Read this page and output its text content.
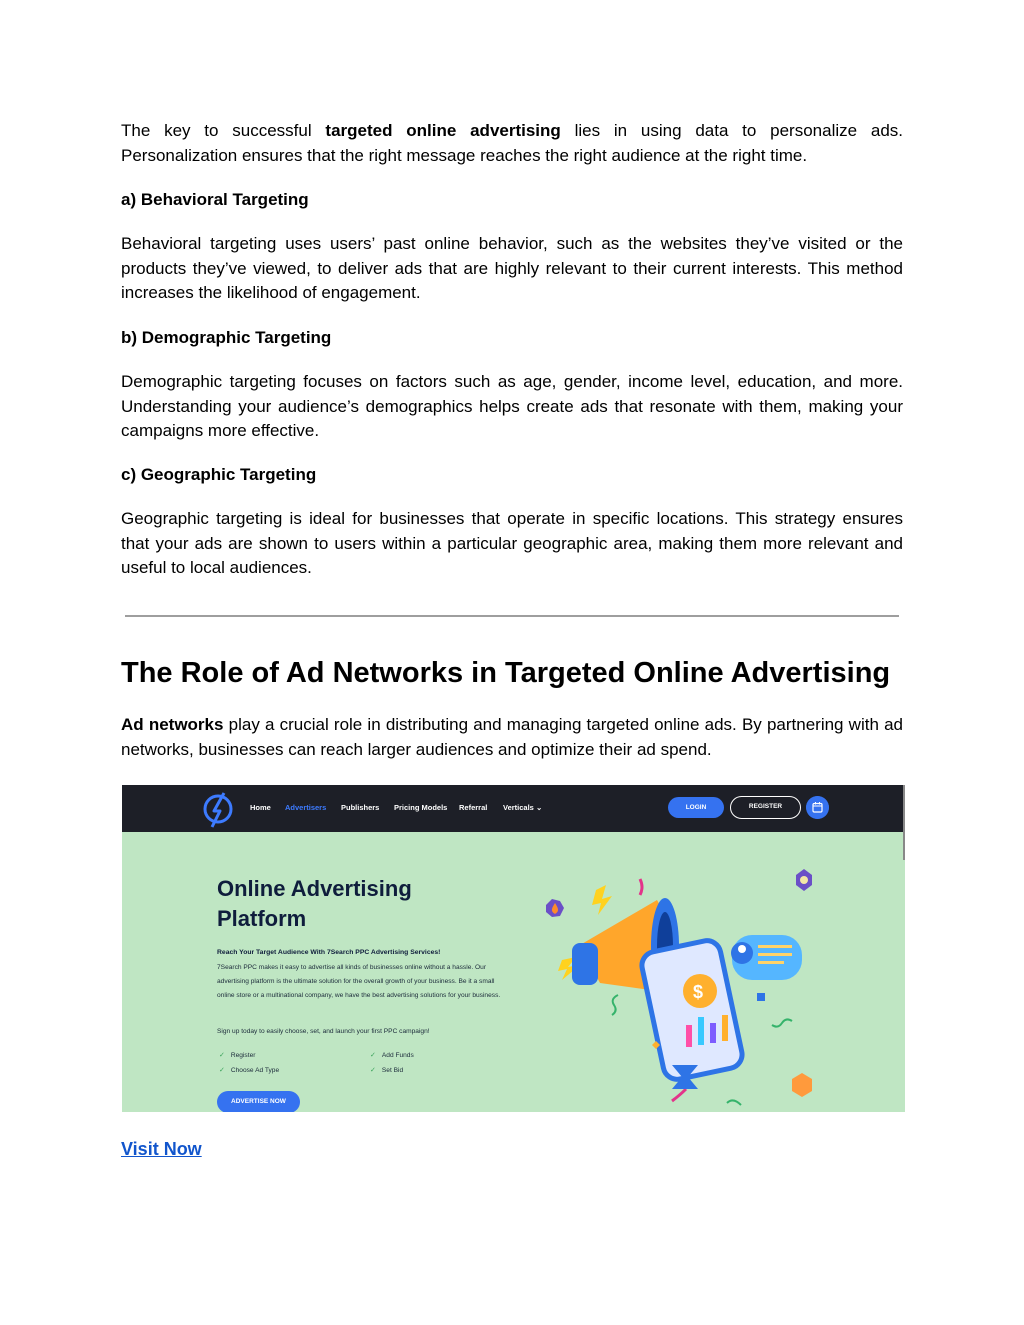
The key to successful targeted online advertising lies in using data to personalize ads. Personalization ensures that the right message reaches the right audience at the right time.

a) Behavioral Targeting

Behavioral targeting uses users’ past online behavior, such as the websites they’ve visited or the products they’ve viewed, to deliver ads that are highly relevant to their current interests. This method increases the likelihood of engagement.

b) Demographic Targeting

Demographic targeting focuses on factors such as age, gender, income level, education, and more. Understanding your audience’s demographics helps create ads that resonate with them, making your campaigns more effective.

c) Geographic Targeting

Geographic targeting is ideal for businesses that operate in specific locations. This strategy ensures that your ads are shown to users within a particular geographic area, making them more relevant and useful to local audiences.

The Role of Ad Networks in Targeted Online Advertising

Ad networks play a crucial role in distributing and managing targeted online ads. By partnering with ad networks, businesses can reach larger audiences and optimize their ad spend.

Home Advertisers Publishers Pricing Models Referral Verticals ⌄	LOGIN	REGISTER
Online Advertising
Platform
Reach Your Target Audience With 7Search PPC Advertising Services!
7Search PPC makes it easy to advertise all kinds of businesses online without a hassle. Our advertising platform is the ultimate solution for the overall growth of your business. Be it a small online store or a multinational company, we have the best advertising solutions for your business.
Sign up today to easily choose, set, and launch your first PPC campaign!
✓ Register	✓ Add Funds
✓ Choose Ad Type	✓ Set Bid
ADVERTISE NOW
$
Visit Now
